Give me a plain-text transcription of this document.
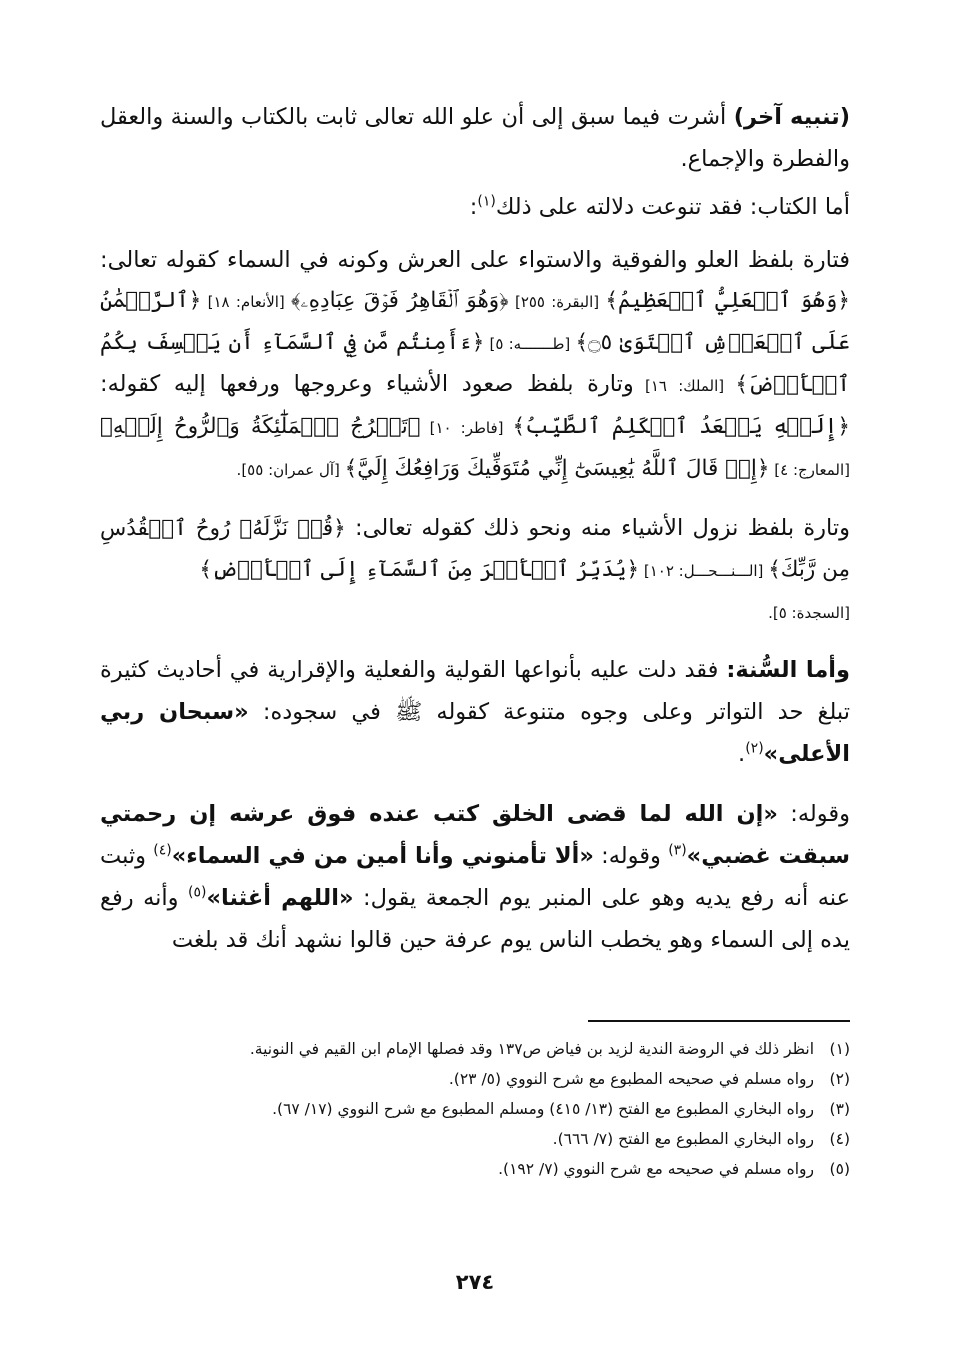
(تنبيه آخر) أشرت فيما سبق إلى أن علو الله تعالى ثابت بالكتاب والسنة والعقل والفطرة والإجماع.

أما الكتاب: فقد تنوعت دلالته على ذلك$^{(١)}$:

فتارة بلفظ العلو والفوقية والاستواء على العرش وكونه في السماء كقوله تعالى: ﴿وَهُوَ ٱلۡعَلِيُّ ٱلۡعَظِيمُ﴾ [البقرة: ٢٥٥] ﴿وَهُوَ ٱلۡقَاهِرُ فَوۡقَ عِبَادِهِۦ﴾ [الأنعام: ١٨] ﴿ٱلرَّحۡمَٰنُ عَلَى ٱلۡعَرۡشِ ٱسۡتَوَىٰ ۝٥﴾ [طـــــــه: ٥] ﴿ءَأَمِنتُم مَّن فِي ٱلسَّمَآءِ أَن يَخۡسِفَ بِكُمُ ٱلۡأَرۡضَ﴾ [الملك: ١٦] وتارة بلفظ صعود الأشياء وعروجها ورفعها إليه كقوله: ﴿إِلَيۡهِ يَصۡعَدُ ٱلۡكَلِمُ ٱلطَّيِّبُ﴾ [فاطر: ١٠] ﴿تَعۡرُجُ ٱلۡمَلَٰٓئِكَةُ وَٱلرُّوحُ إِلَيۡهِ﴾ [المعارج: ٤] ﴿إِذۡ قَالَ ٱللَّهُ يَٰعِيسَىٰٓ إِنِّي مُتَوَفِّيكَ وَرَافِعُكَ إِلَيَّ﴾ [آل عمران: ٥٥].

وتارة بلفظ نزول الأشياء منه ونحو ذلك كقوله تعالى: ﴿قُلۡ نَزَّلَهُۥ رُوحُ ٱلۡقُدُسِ مِن رَّبِّكَ﴾ [الـــنـــحـــل: ١٠٢] ﴿يُدَبِّرُ ٱلۡأَمۡرَ مِنَ ٱلسَّمَآءِ إِلَى ٱلۡأَرۡضِ﴾
[السجدة: ٥].

وأما السُّنة: فقد دلت عليه بأنواعها القولية والفعلية والإقرارية في أحاديث كثيرة تبلغ حد التواتر وعلى وجوه متنوعة كقوله ﷺ في سجوده: «سبحان ربي الأعلى»$^{(٢)}$.

وقوله: «إن الله لما قضى الخلق كتب عنده فوق عرشه إن رحمتي سبقت غضبي»$^{(٣)}$ وقوله: «ألا تأمنوني وأنا أمين من في السماء»$^{(٤)}$ وثبت عنه أنه رفع يديه وهو على المنبر يوم الجمعة يقول: «اللهم أغثنا»$^{(٥)}$ وأنه رفع يده إلى السماء وهو يخطب الناس يوم عرفة حين قالوا نشهد أنك قد بلغت

(١)
انظر ذلك في الروضة الندية لزيد بن فياض ص١٣٧ وقد فصلها الإمام ابن القيم في النونية.
(٢)
رواه مسلم في صحيحه المطبوع مع شرح النووي (٥/ ٢٣).
(٣)
رواه البخاري المطبوع مع الفتح (١٣/ ٤١٥) ومسلم المطبوع مع شرح النووي (١٧/ ٦٧).
(٤)
رواه البخاري المطبوع مع الفتح (٧/ ٦٦٦).
(٥)
رواه مسلم في صحيحه مع شرح النووي (٧/ ١٩٢).
٢٧٤
